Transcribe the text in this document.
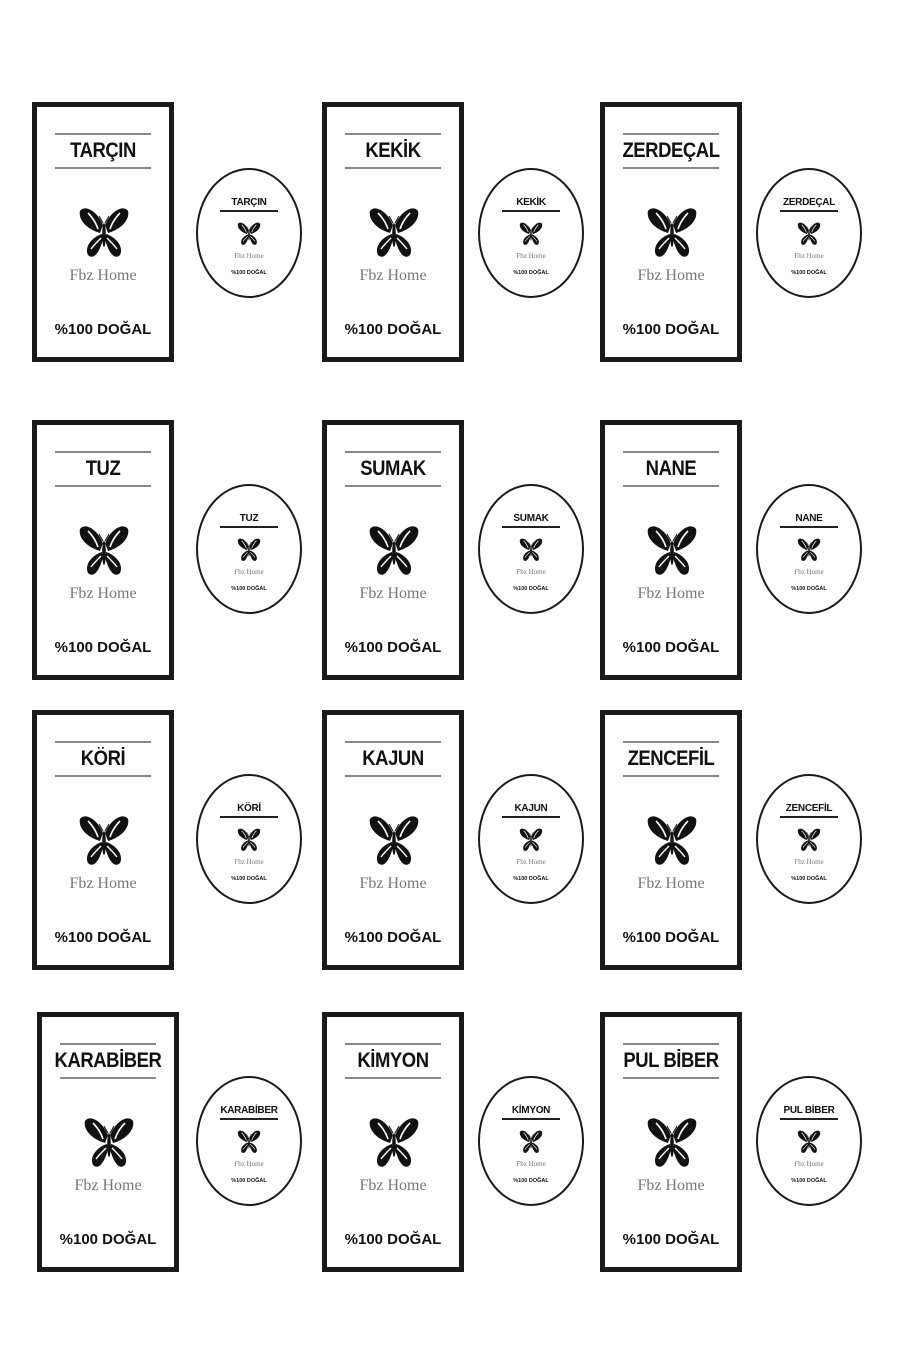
TARÇIN
Fbz Home
%100 DOĞAL
TARÇIN
Fbz Home
%100 DOĞAL
KEKİK
Fbz Home
%100 DOĞAL
KEKİK
Fbz Home
%100 DOĞAL
ZERDEÇAL
Fbz Home
%100 DOĞAL
ZERDEÇAL
Fbz Home
%100 DOĞAL
TUZ
Fbz Home
%100 DOĞAL
TUZ
Fbz Home
%100 DOĞAL
SUMAK
Fbz Home
%100 DOĞAL
SUMAK
Fbz Home
%100 DOĞAL
NANE
Fbz Home
%100 DOĞAL
NANE
Fbz Home
%100 DOĞAL
KÖRİ
Fbz Home
%100 DOĞAL
KÖRİ
Fbz Home
%100 DOĞAL
KAJUN
Fbz Home
%100 DOĞAL
KAJUN
Fbz Home
%100 DOĞAL
ZENCEFİL
Fbz Home
%100 DOĞAL
ZENCEFİL
Fbz Home
%100 DOĞAL
KARABİBER
Fbz Home
%100 DOĞAL
KARABİBER
Fbz Home
%100 DOĞAL
KİMYON
Fbz Home
%100 DOĞAL
KİMYON
Fbz Home
%100 DOĞAL
PUL BİBER
Fbz Home
%100 DOĞAL
PUL BİBER
Fbz Home
%100 DOĞAL
